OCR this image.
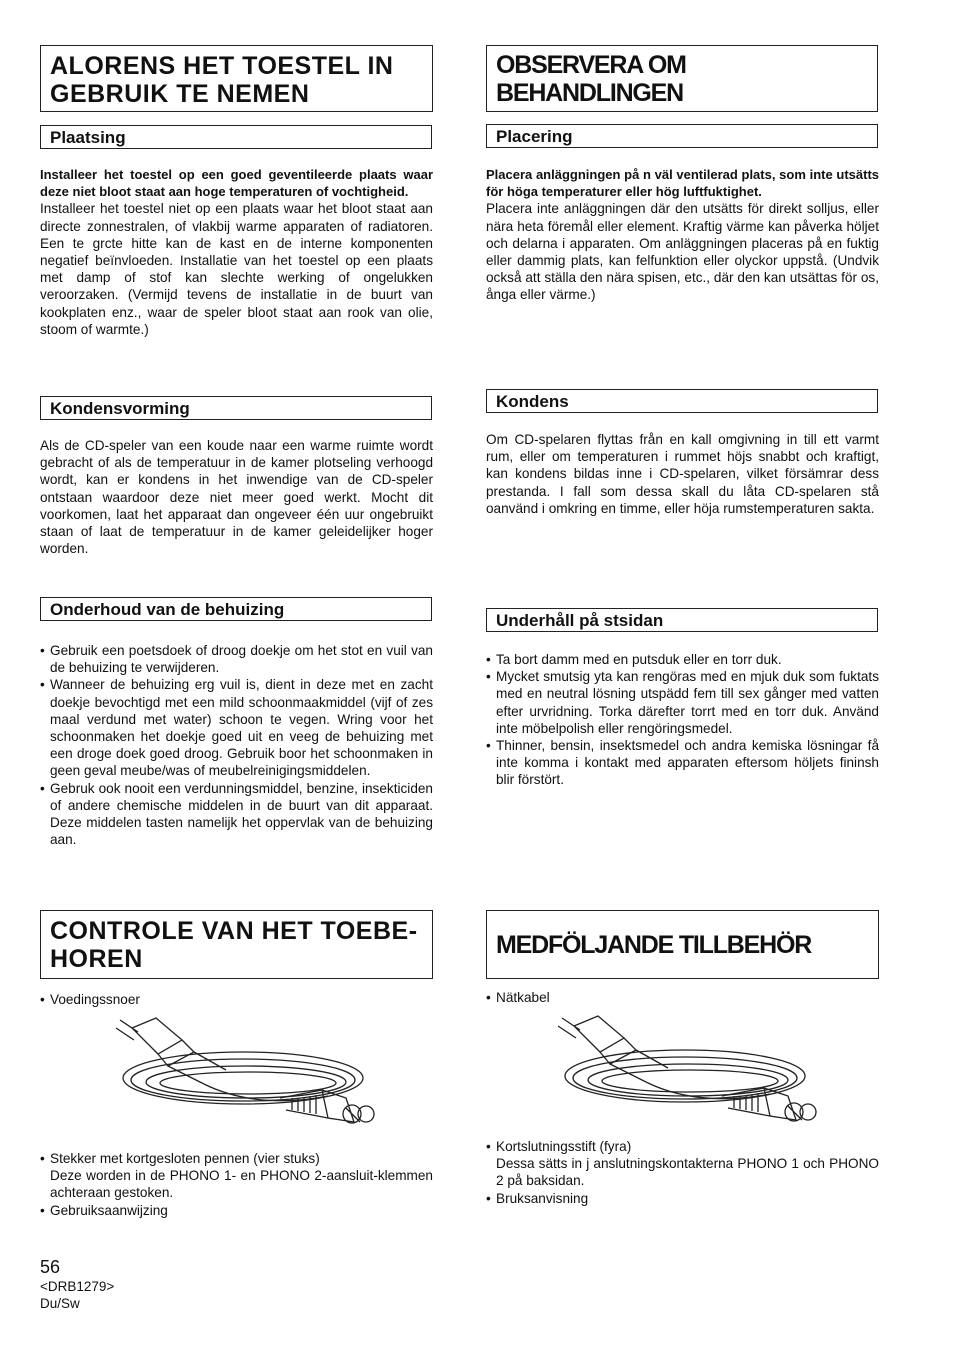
ALORENS HET TOESTEL IN
GEBRUIK TE NEMEN
Plaatsing

Installeer het toestel op een goed geventileerde plaats waar deze niet bloot staat aan hoge temperaturen of vochtigheid.

Installeer het toestel niet op een plaats waar het bloot staat aan directe zonnestralen, of vlakbij warme apparaten of radiatoren. Een te grcte hitte kan de kast en de interne komponenten negatief beïnvloeden. Installatie van het toestel op een plaats met damp of stof kan slechte werking of ongelukken veroorzaken. (Vermijd tevens de installatie in de buurt van kookplaten enz., waar de speler bloot staat aan rook van olie, stoom of warmte.)

Kondensvorming

Als de CD-speler van een koude naar een warme ruimte wordt gebracht of als de temperatuur in de kamer plotseling verhoogd wordt, kan er kondens in het inwendige van de CD-speler ontstaan waardoor deze niet meer goed werkt. Mocht dit voorkomen, laat het apparaat dan ongeveer één uur ongebruikt staan of laat de temperatuur in de kamer geleidelijker hoger worden.

Onderhoud van de behuizing
• Gebruik een poetsdoek of droog doekje om het stot en vuil van de behuizing te verwijderen.
• Wanneer de behuizing erg vuil is, dient in deze met en zacht doekje bevochtigd met een mild schoonmaakmiddel (vijf of zes maal verdund met water) schoon te vegen. Wring voor het schoonmaken het doekje goed uit en veeg de behuizing met een droge doek goed droog. Gebruik boor het schoonmaken in geen geval meube/was of meubelreinigingsmiddelen.
• Gebruk ook nooit een verdunningsmiddel, benzine, insekticiden of andere chemische middelen in de buurt van dit apparaat. Deze middelen tasten namelijk het oppervlak van de behuizing aan.
CONTROLE VAN HET TOEBE-
HOREN
• Voedingssnoer
• Stekker met kortgesloten pennen (vier stuks)
Deze worden in de PHONO 1- en PHONO 2-aansluit-klemmen achteraan gestoken.
• Gebruiksaanwijzing
OBSERVERA OM BEHANDLINGEN
Placering

Placera anläggningen på n väl ventilerad plats, som inte utsätts för höga temperaturer eller hög luftfuktighet.

Placera inte anläggningen där den utsätts för direkt solljus, eller nära heta föremål eller element. Kraftig värme kan påverka höljet och delarna i apparaten. Om anläggningen placeras på en fuktig eller dammig plats, kan felfunktion eller olyckor uppstå. (Undvik också att ställa den nära spisen, etc., där den kan utsättas för os, ånga eller värme.)

Kondens

Om CD-spelaren flyttas från en kall omgivning in till ett varmt rum, eller om temperaturen i rummet höjs snabbt och kraftigt, kan kondens bildas inne i CD-spelaren, vilket försämrar dess prestanda. I fall som dessa skall du låta CD-spelaren stå oanvänd i omkring en timme, eller höja rumstemperaturen sakta.

Underhåll på stsidan
• Ta bort damm med en putsduk eller en torr duk.
• Mycket smutsig yta kan rengöras med en mjuk duk som fuktats med en neutral lösning utspädd fem till sex gånger med vatten efter urvridning. Torka därefter torrt med en torr duk. Använd inte möbelpolish eller rengöringsmedel.
• Thinner, bensin, insektsmedel och andra kemiska lösningar få inte komma i kontakt med apparaten eftersom höljets fininsh blir förstört.
MEDFÖLJANDE TILLBEHÖR
• Nätkabel
• Kortslutningsstift (fyra)
Dessa sätts in j anslutningskontakterna PHONO 1 och PHONO 2 på baksidan.
• Bruksanvisning
56
<DRB1279>
Du/Sw
